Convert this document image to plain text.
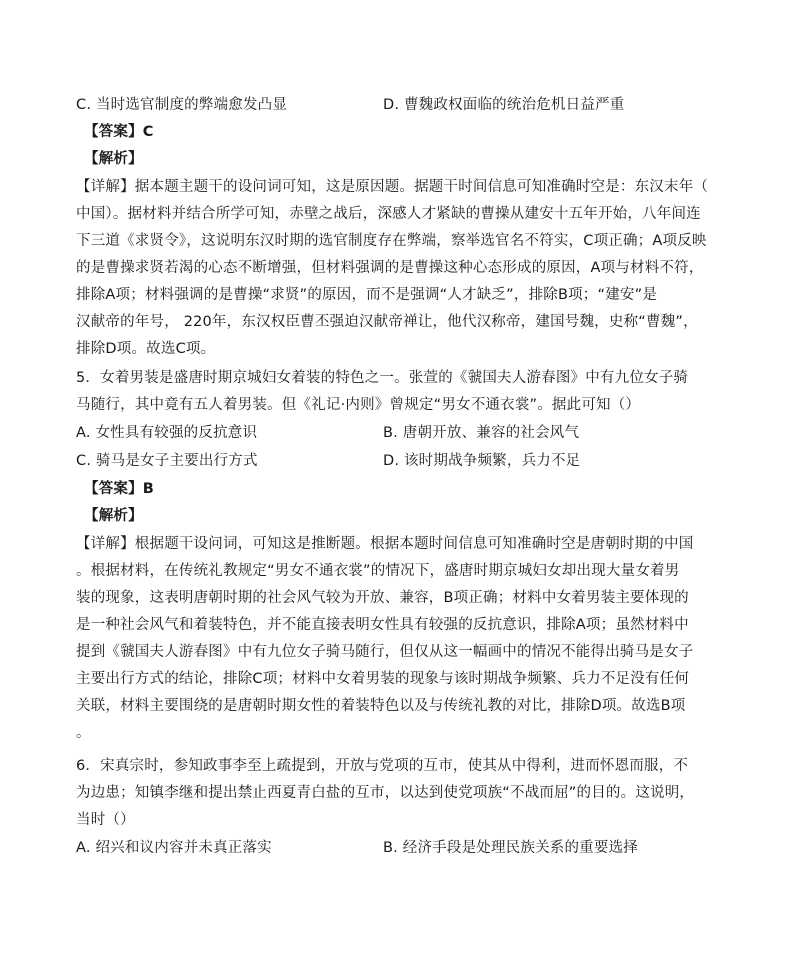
C. 当时选官制度的弊端愈发凸显	D. 曹魏政权面临的统治危机日益严重
【答案】C
【解析】
【详解】据本题主题干的设问词可知，这是原因题。据题干时间信息可知准确时空是：东汉末年（
中国）。据材料并结合所学可知，赤壁之战后，深感人才紧缺的曹操从建安十五年开始，八年间连
下三道《求贤令》，这说明东汉时期的选官制度存在弊端，察举选官名不符实，C项正确；A项反映
的是曹操求贤若渴的心态不断增强，但材料强调的是曹操这种心态形成的原因，A项与材料不符，
排除A项；材料强调的是曹操“求贤”的原因，而不是强调“人才缺乏”，排除B项；“建安”是
汉献帝的年号， 220年，东汉权臣曹丕强迫汉献帝禅让，他代汉称帝，建国号魏，史称“曹魏”，
排除D项。故选C项。
5．女着男装是盛唐时期京城妇女着装的特色之一。张萱的《虢国夫人游春图》中有九位女子骑
马随行，其中竟有五人着男装。但《礼记·内则》曾规定“男女不通衣裳”。据此可知（）
A. 女性具有较强的反抗意识	B. 唐朝开放、兼容的社会风气
C. 骑马是女子主要出行方式	D. 该时期战争频繁，兵力不足
【答案】B
【解析】
【详解】根据题干设问词，可知这是推断题。根据本题时间信息可知准确时空是唐朝时期的中国
。根据材料，在传统礼教规定“男女不通衣裳”的情况下，盛唐时期京城妇女却出现大量女着男
装的现象，这表明唐朝时期的社会风气较为开放、兼容，B项正确；材料中女着男装主要体现的
是一种社会风气和着装特色，并不能直接表明女性具有较强的反抗意识，排除A项；虽然材料中
提到《虢国夫人游春图》中有九位女子骑马随行，但仅从这一幅画中的情况不能得出骑马是女子
主要出行方式的结论，排除C项；材料中女着男装的现象与该时期战争频繁、兵力不足没有任何
关联，材料主要围绕的是唐朝时期女性的着装特色以及与传统礼教的对比，排除D项。故选B项
。
6．宋真宗时，参知政事李至上疏提到，开放与党项的互市，使其从中得利，进而怀恩而服，不
为边患；知镇李继和提出禁止西夏青白盐的互市，以达到使党项族“不战而屈”的目的。这说明，
当时（）
A. 绍兴和议内容并未真正落实	B. 经济手段是处理民族关系的重要选择
